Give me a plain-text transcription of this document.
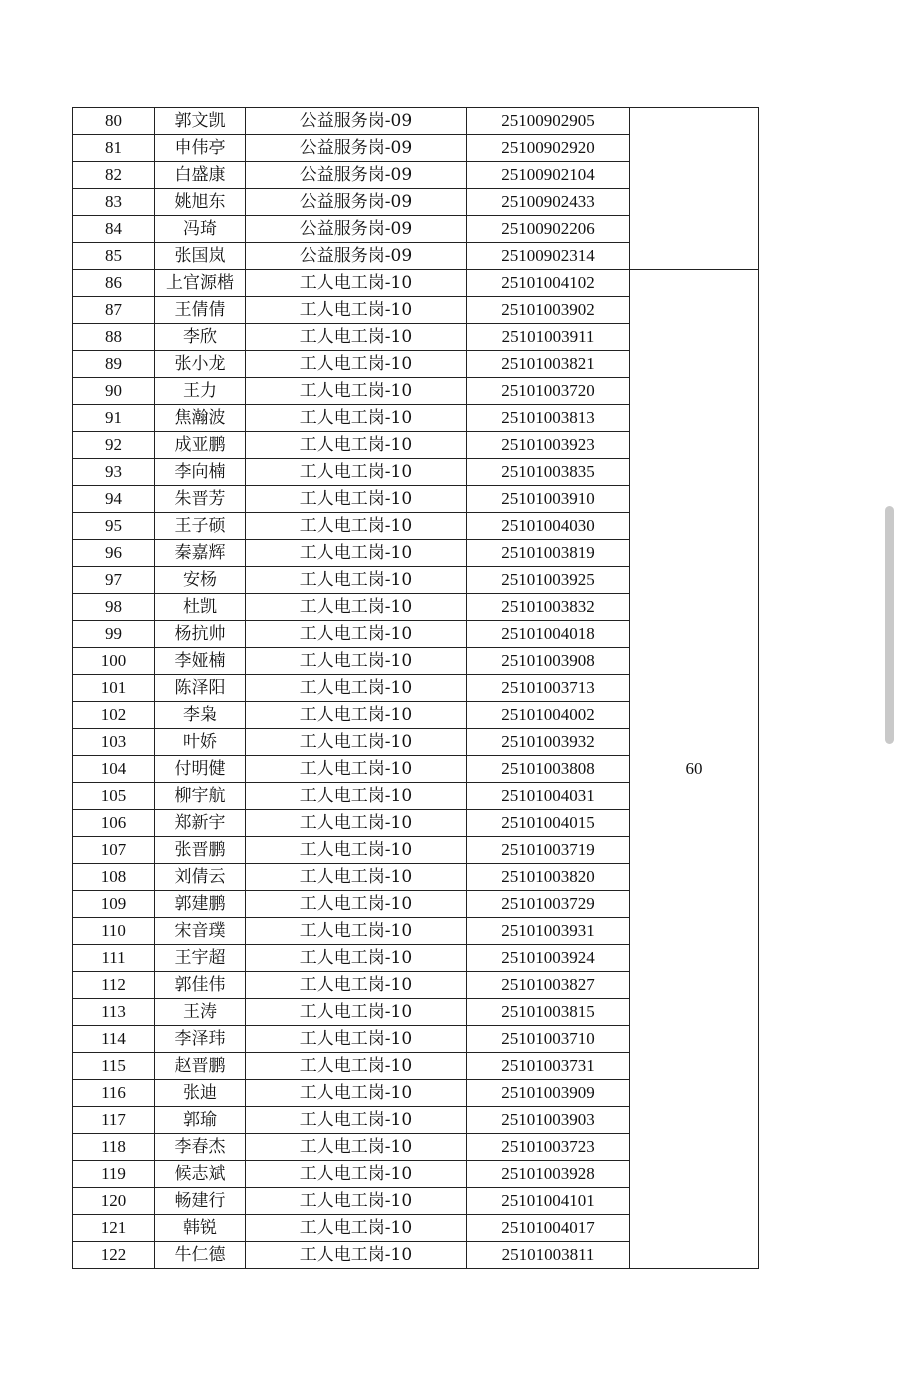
80	郭文凯	公益服务岗-09	25100902905	
81	申伟亭	公益服务岗-09	25100902920	
82	白盛康	公益服务岗-09	25100902104	
83	姚旭东	公益服务岗-09	25100902433	
84	冯琦	公益服务岗-09	25100902206	
85	张国岚	公益服务岗-09	25100902314	
86	上官源楷	工人电工岗-10	25101004102	60
87	王倩倩	工人电工岗-10	25101003902	
88	李欣	工人电工岗-10	25101003911	
89	张小龙	工人电工岗-10	25101003821	
90	王力	工人电工岗-10	25101003720	
91	焦瀚波	工人电工岗-10	25101003813	
92	成亚鹏	工人电工岗-10	25101003923	
93	李向楠	工人电工岗-10	25101003835	
94	朱晋芳	工人电工岗-10	25101003910	
95	王子硕	工人电工岗-10	25101004030	
96	秦嘉辉	工人电工岗-10	25101003819	
97	安杨	工人电工岗-10	25101003925	
98	杜凯	工人电工岗-10	25101003832	
99	杨抗帅	工人电工岗-10	25101004018	
100	李娅楠	工人电工岗-10	25101003908	
101	陈泽阳	工人电工岗-10	25101003713	
102	李枭	工人电工岗-10	25101004002	
103	叶娇	工人电工岗-10	25101003932	
104	付明健	工人电工岗-10	25101003808	
105	柳宇航	工人电工岗-10	25101004031	
106	郑新宇	工人电工岗-10	25101004015	
107	张晋鹏	工人电工岗-10	25101003719	
108	刘倩云	工人电工岗-10	25101003820	
109	郭建鹏	工人电工岗-10	25101003729	
110	宋音璞	工人电工岗-10	25101003931	
111	王宇超	工人电工岗-10	25101003924	
112	郭佳伟	工人电工岗-10	25101003827	
113	王涛	工人电工岗-10	25101003815	
114	李泽玮	工人电工岗-10	25101003710	
115	赵晋鹏	工人电工岗-10	25101003731	
116	张迪	工人电工岗-10	25101003909	
117	郭瑜	工人电工岗-10	25101003903	
118	李春杰	工人电工岗-10	25101003723	
119	候志斌	工人电工岗-10	25101003928	
120	畅建行	工人电工岗-10	25101004101	
121	韩锐	工人电工岗-10	25101004017	
122	牛仁德	工人电工岗-10	25101003811	
